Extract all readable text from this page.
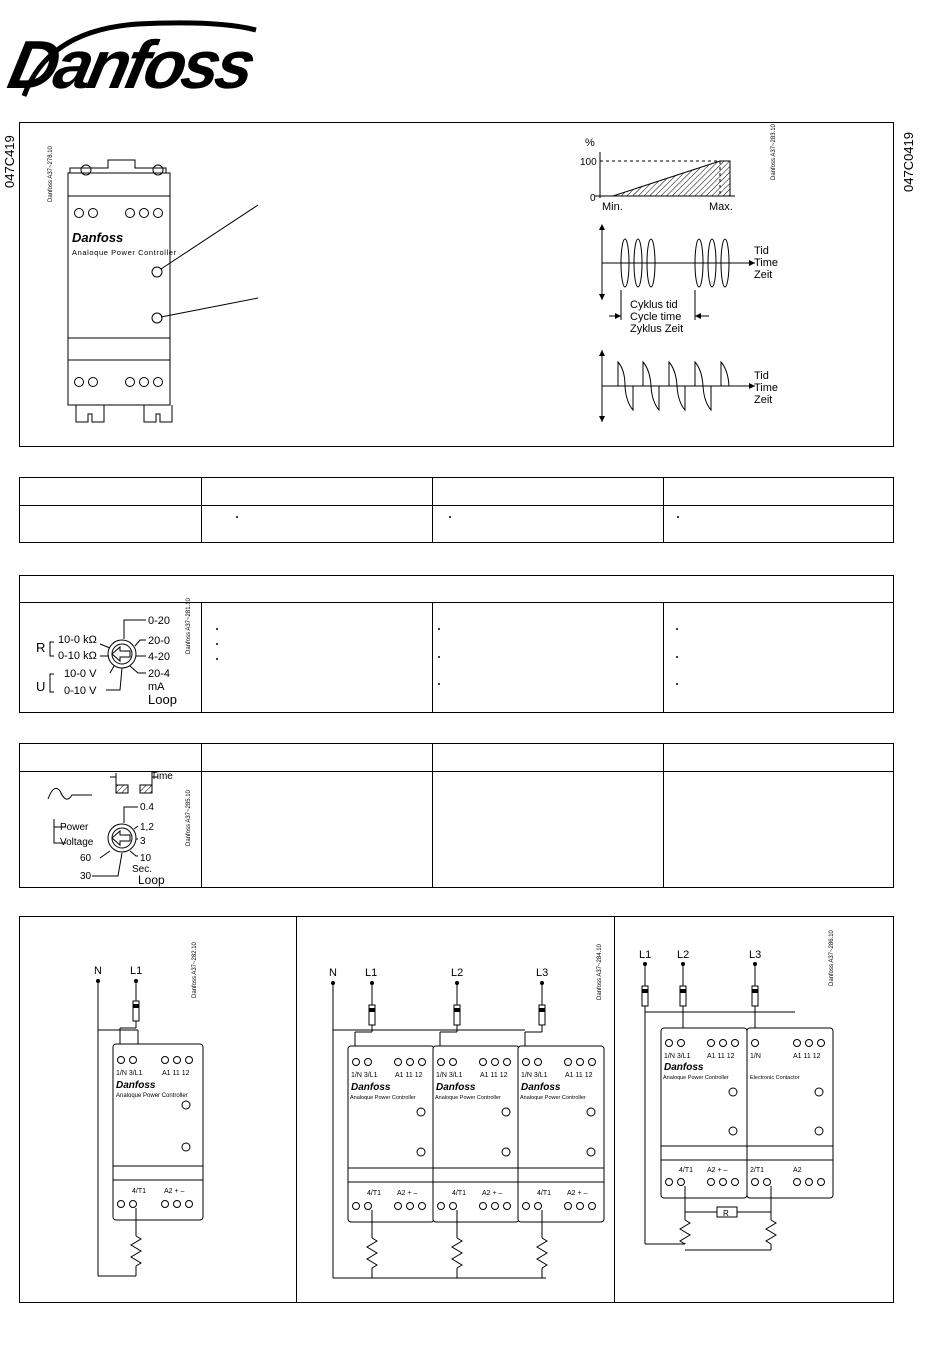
Danfoss
047C419	047C0419
Danfoss A37~278.10
Danfoss
Analoque Power Controller
%
100
0
Min.	Max.
Danfoss A37~283.10
Tid
Time
Zeit
Cyklus tid
Cycle time
Zyklus Zeit
Tid
Time
Zeit
R
U
10-0 kΩ
0-10 kΩ
10-0 V
0-10 V
0-20
20-0
4-20
20-4
mA
Loop
Danfoss A37~281.10
Time
0.4
1,2
3
10
Sec.
Loop
60
30
Power
Voltage	Danfoss A37~285.10
N	L1	Danfoss A37~282.10
1/N 3/L1	A1 11 12
Danfoss
Analoque Power Controller
4/T1	A2 + –
N	L1	L2	L3	Danfoss A37~284.10
1/N 3/L1	A1 11 12
Danfoss
Analoque Power Controller
4/T1 A2 + –
L1 L2	L3	Danfoss A37~286.10
1/N 3/L1 A1 11 12
Danfoss
Analoque Power Controller
4/T1 A2 + –
1/N	A1 11 12
Electronic Contactor
2/T1	A2
R
